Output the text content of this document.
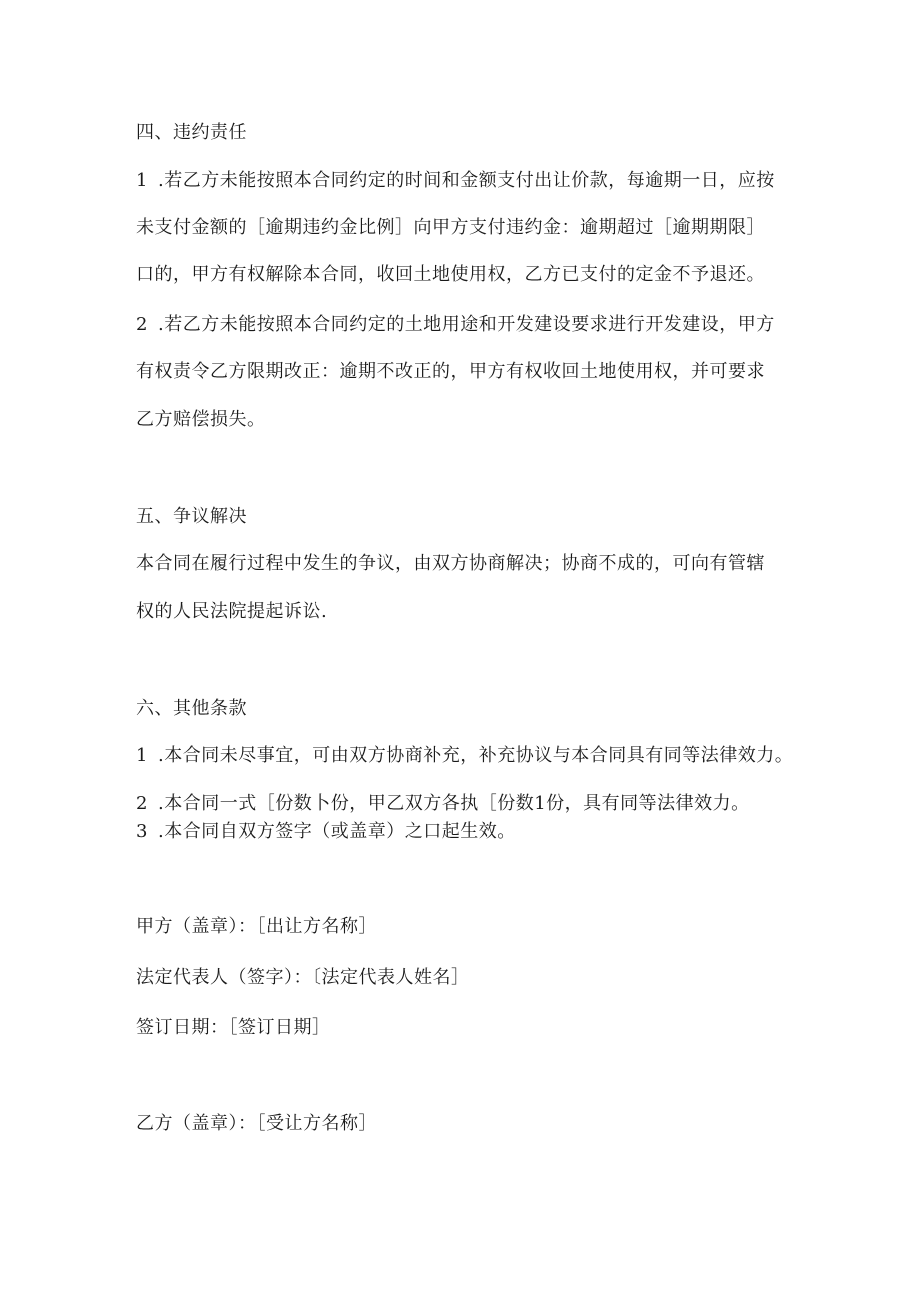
四、违约责任
1 .若乙方未能按照本合同约定的时间和金额支付出让价款，每逾期一日，应按
未支付金额的［逾期违约金比例］向甲方支付违约金：逾期超过［逾期期限］
口的，甲方有权解除本合同，收回土地使用权，乙方已支付的定金不予退还。
2 .若乙方未能按照本合同约定的土地用途和开发建设要求进行开发建设，甲方
有权责令乙方限期改正：逾期不改正的，甲方有权收回土地使用权，并可要求
乙方赔偿损失。
五、争议解决
本合同在履行过程中发生的争议，由双方协商解决；协商不成的，可向有管辖
权的人民法院提起诉讼.
六、其他条款
1 .本合同未尽事宜，可由双方协商补充，补充协议与本合同具有同等法律效力。
2 .本合同一式［份数卜份，甲乙双方各执［份数1份，具有同等法律效力。
3 .本合同自双方签字（或盖章）之口起生效。
甲方（盖章）：［出让方名称］
法定代表人（签字）：〔法定代表人姓名］
签订日期：［签订日期］
乙方（盖章）：［受让方名称］
